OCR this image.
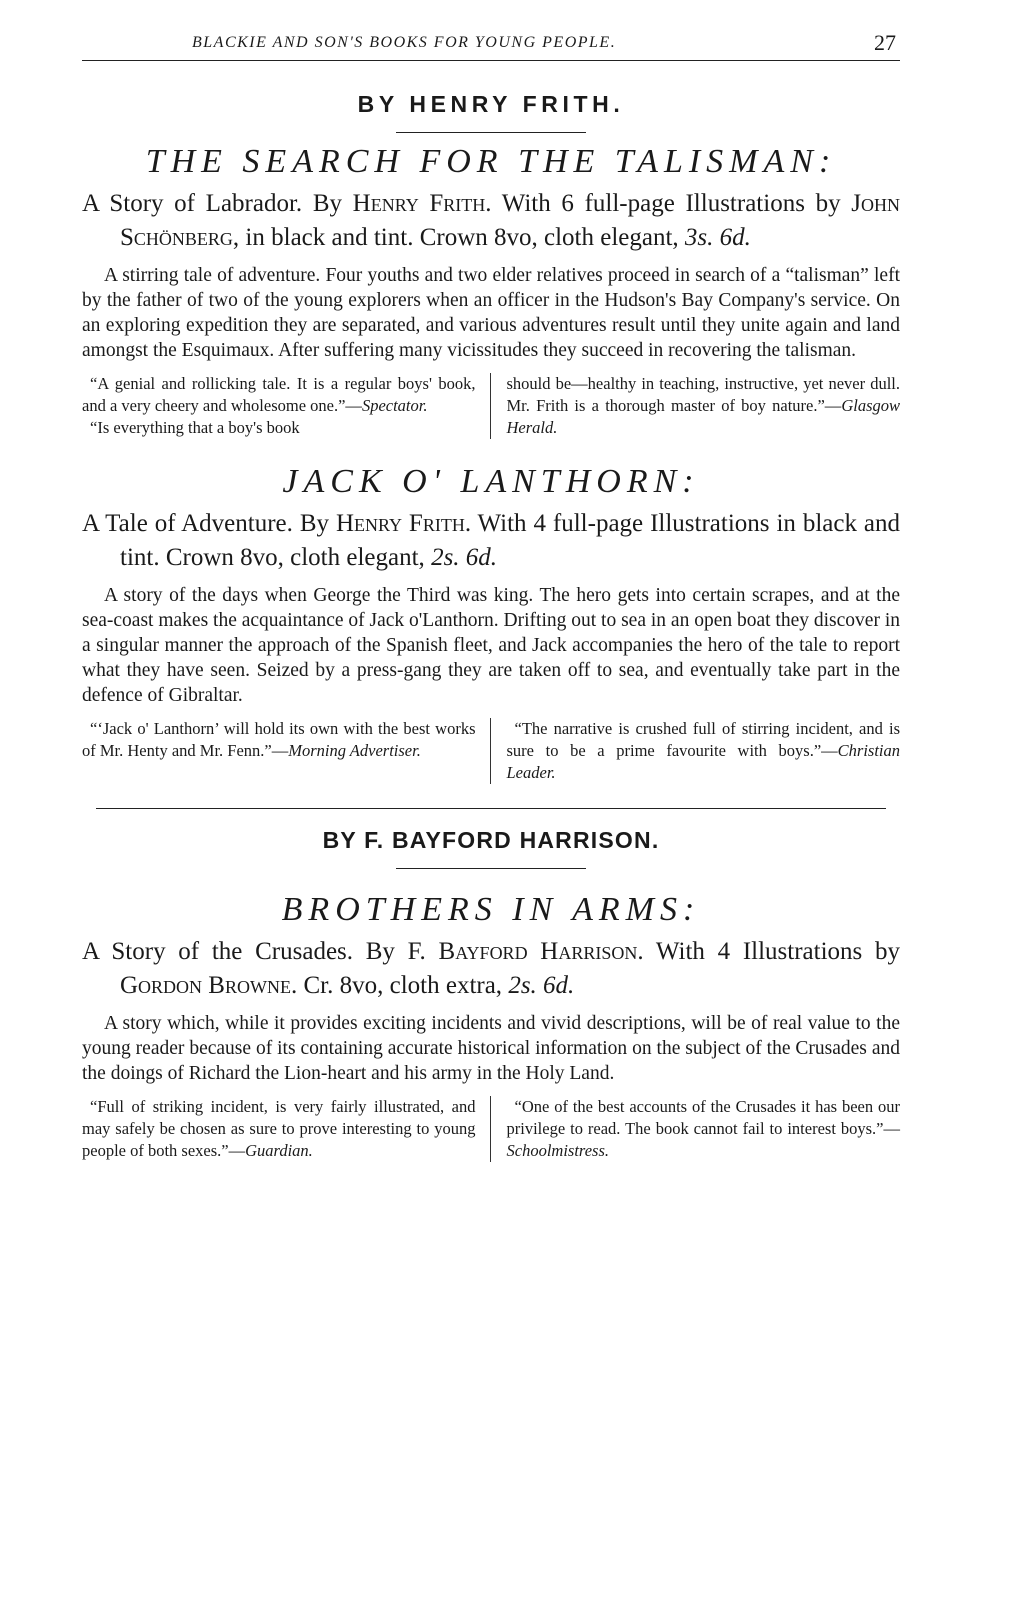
BLACKIE AND SON'S BOOKS FOR YOUNG PEOPLE.	27
BY HENRY FRITH.
THE SEARCH FOR THE TALISMAN:

A Story of Labrador. By Henry Frith. With 6 full-page Illustrations by John Schönberg, in black and tint. Crown 8vo, cloth elegant, 3s. 6d.

A stirring tale of adventure. Four youths and two elder relatives proceed in search of a “talisman” left by the father of two of the young explorers when an officer in the Hudson's Bay Company's service. On an exploring expedition they are separated, and various adventures result until they unite again and land amongst the Esquimaux. After suffering many vicissitudes they succeed in recovering the talisman.

“A genial and rollicking tale. It is a regular boys' book, and a very cheery and wholesome one.”—Spectator.

“Is everything that a boy's book

should be—healthy in teaching, instructive, yet never dull. Mr. Frith is a thorough master of boy nature.”—Glasgow Herald.

JACK O' LANTHORN:

A Tale of Adventure. By Henry Frith. With 4 full-page Illustrations in black and tint. Crown 8vo, cloth elegant, 2s. 6d.

A story of the days when George the Third was king. The hero gets into certain scrapes, and at the sea-coast makes the acquaintance of Jack o'Lanthorn. Drifting out to sea in an open boat they discover in a singular manner the approach of the Spanish fleet, and Jack accompanies the hero of the tale to report what they have seen. Seized by a press-gang they are taken off to sea, and eventually take part in the defence of Gibraltar.

“‘Jack o' Lanthorn’ will hold its own with the best works of Mr. Henty and Mr. Fenn.”—Morning Advertiser.

“The narrative is crushed full of stirring incident, and is sure to be a prime favourite with boys.”—Christian Leader.

BY F. BAYFORD HARRISON.
BROTHERS IN ARMS:

A Story of the Crusades. By F. Bayford Harrison. With 4 Illustrations by Gordon Browne. Cr. 8vo, cloth extra, 2s. 6d.

A story which, while it provides exciting incidents and vivid descriptions, will be of real value to the young reader because of its containing accurate historical information on the subject of the Crusades and the doings of Richard the Lion-heart and his army in the Holy Land.

“Full of striking incident, is very fairly illustrated, and may safely be chosen as sure to prove interesting to young people of both sexes.”—Guardian.

“One of the best accounts of the Crusades it has been our privilege to read. The book cannot fail to interest boys.”—Schoolmistress.
